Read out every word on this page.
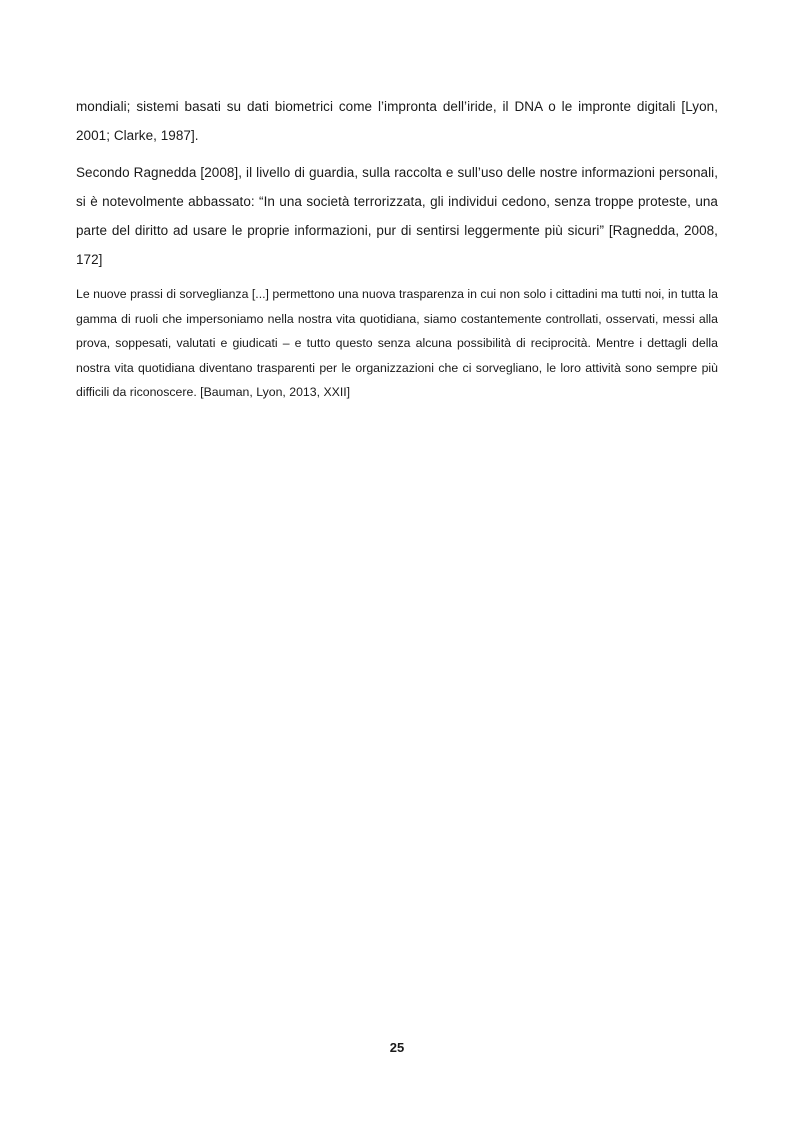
mondiali; sistemi basati su dati biometrici come l’impronta dell’iride, il DNA o le impronte digitali [Lyon, 2001; Clarke, 1987].

Secondo Ragnedda [2008], il livello di guardia, sulla raccolta e sull’uso delle nostre informazioni personali, si è notevolmente abbassato: “In una società terrorizzata, gli individui cedono, senza troppe proteste, una parte del diritto ad usare le proprie informazioni, pur di sentirsi leggermente più sicuri” [Ragnedda, 2008, 172]

Le nuove prassi di sorveglianza [...] permettono una nuova trasparenza in cui non solo i cittadini ma tutti noi, in tutta la gamma di ruoli che impersoniamo nella nostra vita quotidiana, siamo costantemente controllati, osservati, messi alla prova, soppesati, valutati e giudicati – e tutto questo senza alcuna possibilità di reciprocità. Mentre i dettagli della nostra vita quotidiana diventano trasparenti per le organizzazioni che ci sorvegliano, le loro attività sono sempre più difficili da riconoscere. [Bauman, Lyon, 2013, XXII]

25
